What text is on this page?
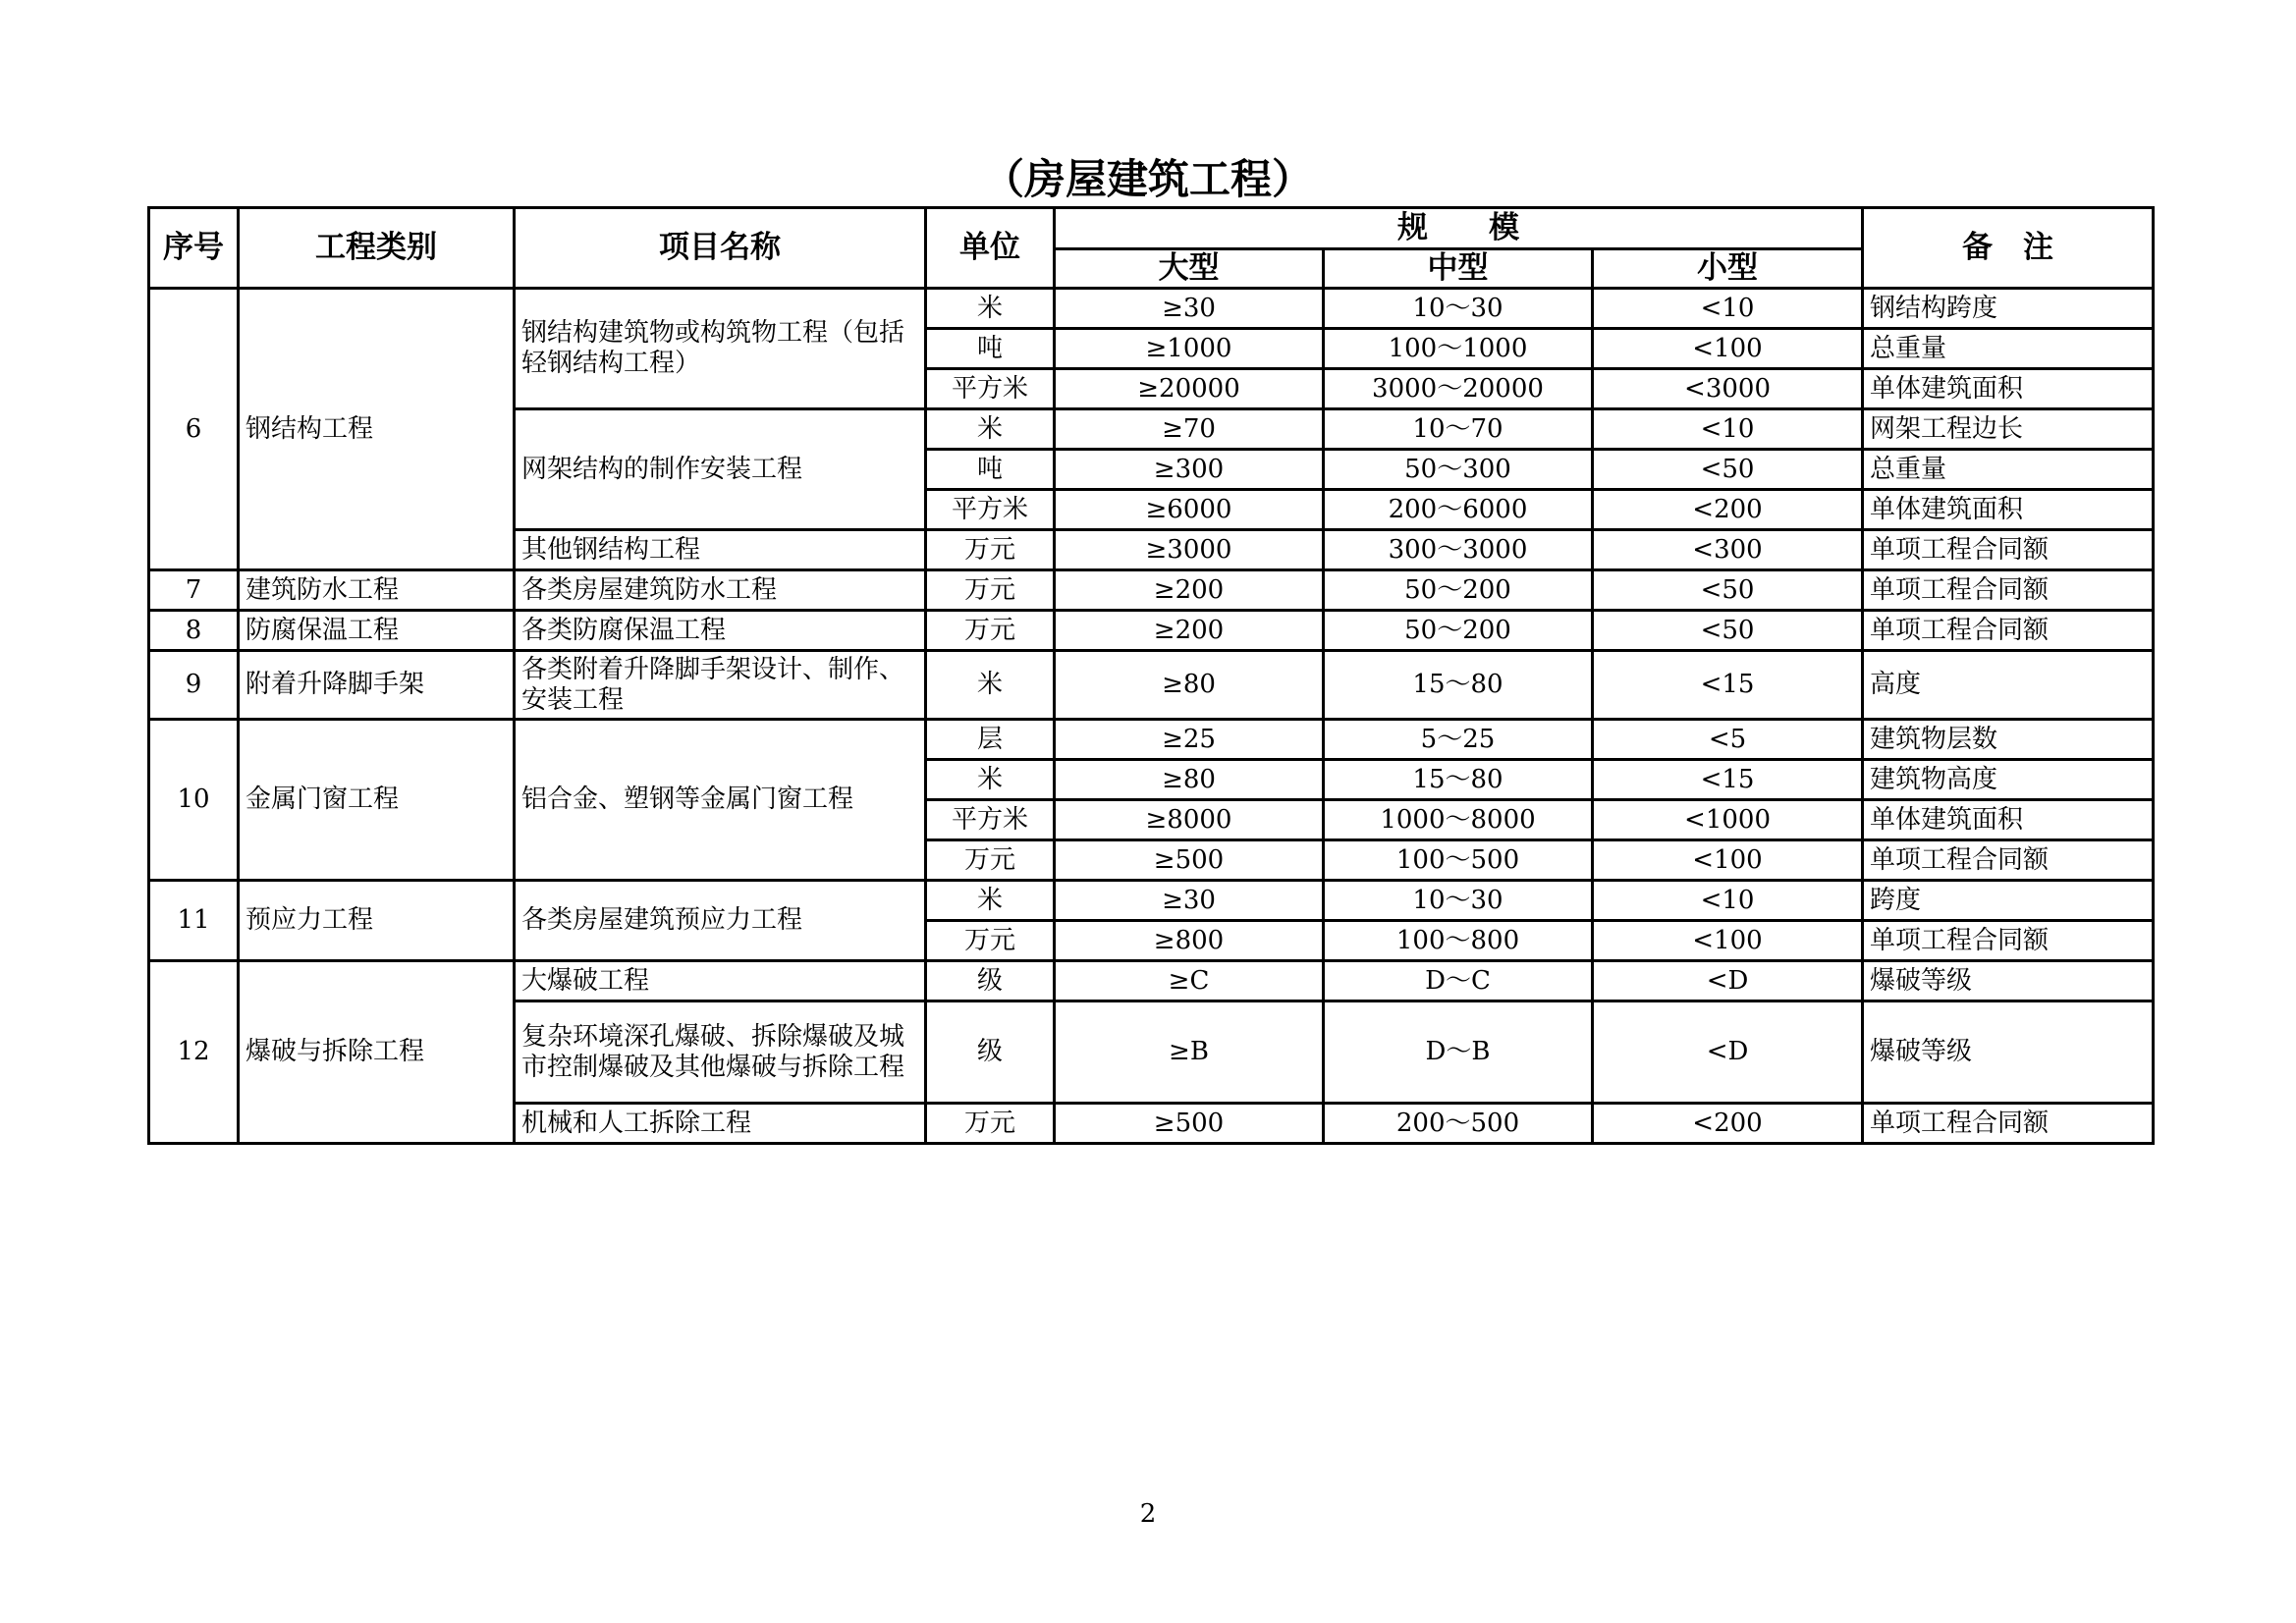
（房屋建筑工程）
序号	工程类别	项目名称	单位	规　　模			备　注
				大型	中型	小型	
6	钢结构工程	钢结构建筑物或构筑物工程（包括轻钢结构工程）	米	≥30	10～30	<10	钢结构跨度
			吨	≥1000	100～1000	<100	总重量
			平方米	≥20000	3000～20000	<3000	单体建筑面积
		网架结构的制作安装工程	米	≥70	10～70	<10	网架工程边长
			吨	≥300	50～300	<50	总重量
			平方米	≥6000	200～6000	<200	单体建筑面积
		其他钢结构工程	万元	≥3000	300～3000	<300	单项工程合同额
7	建筑防水工程	各类房屋建筑防水工程	万元	≥200	50～200	<50	单项工程合同额
8	防腐保温工程	各类防腐保温工程	万元	≥200	50～200	<50	单项工程合同额
9	附着升降脚手架	各类附着升降脚手架设计、制作、安装工程	米	≥80	15～80	<15	高度
10	金属门窗工程	铝合金、塑钢等金属门窗工程	层	≥25	5～25	<5	建筑物层数
			米	≥80	15～80	<15	建筑物高度
			平方米	≥8000	1000～8000	<1000	单体建筑面积
			万元	≥500	100～500	<100	单项工程合同额
11	预应力工程	各类房屋建筑预应力工程	米	≥30	10～30	<10	跨度
			万元	≥800	100～800	<100	单项工程合同额
12	爆破与拆除工程	大爆破工程	级	≥C	D～C	<D	爆破等级
		复杂环境深孔爆破、拆除爆破及城市控制爆破及其他爆破与拆除工程	级	≥B	D～B	<D	爆破等级
		机械和人工拆除工程	万元	≥500	200～500	<200	单项工程合同额
2
